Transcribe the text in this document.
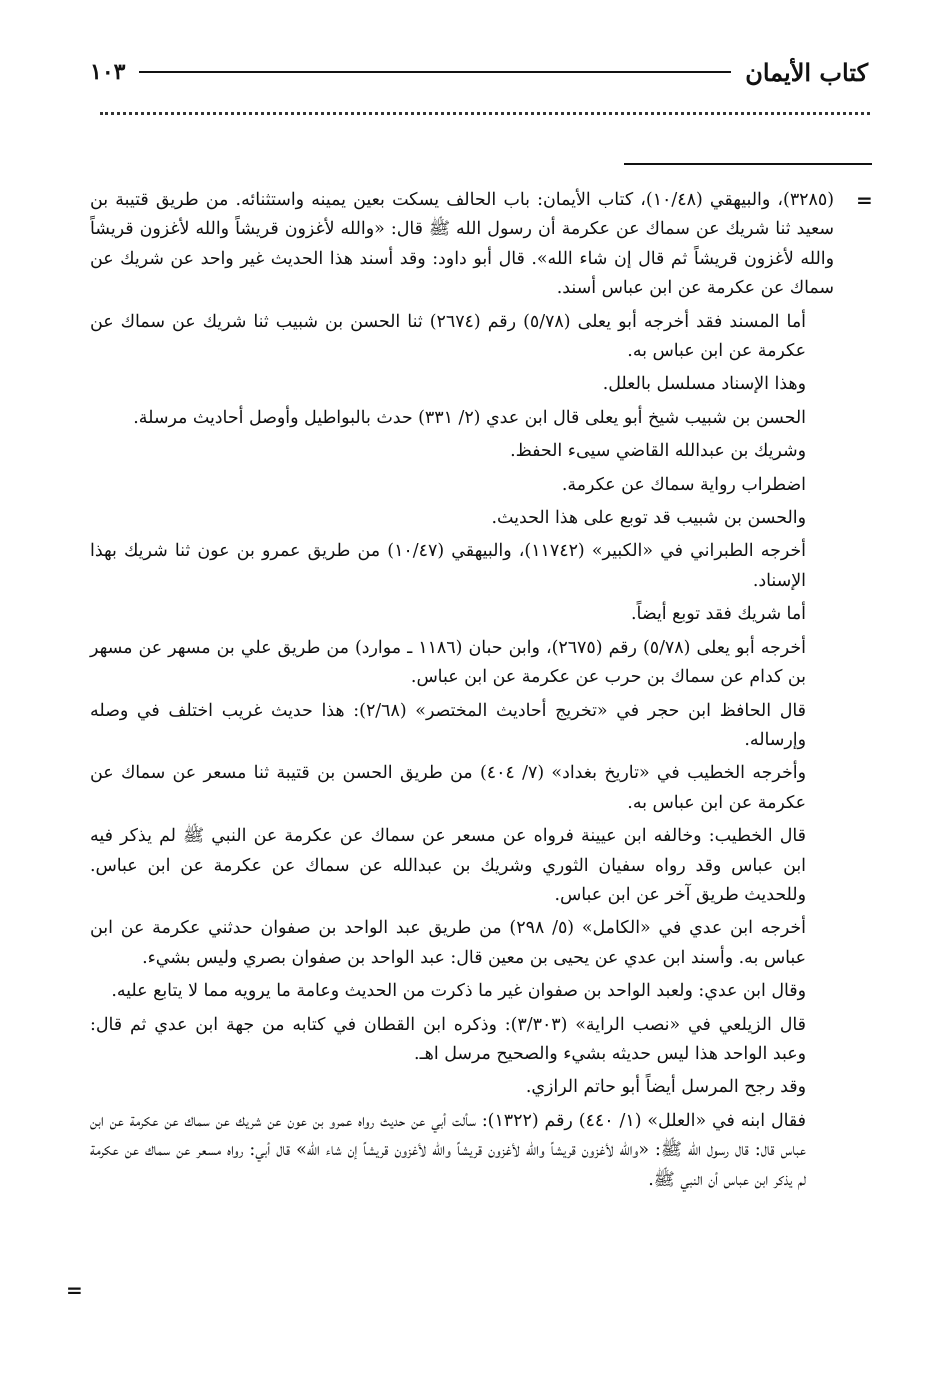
كتاب الأيمان
١٠٣
=

(٣٢٨٥)، والبيهقي (١٠/٤٨)، كتاب الأيمان: باب الحالف يسكت بعين يمينه واستثنائه. من طريق قتيبة بن سعيد ثنا شريك عن سماك عن عكرمة أن رسول الله ﷺ قال: «والله لأغزون قريشاً والله لأغزون قريشاً والله لأغزون قريشاً ثم قال إن شاء الله». قال أبو داود: وقد أسند هذا الحديث غير واحد عن شريك عن سماك عن عكرمة عن ابن عباس أسند.

أما المسند فقد أخرجه أبو يعلى (٥/٧٨) رقم (٢٦٧٤) ثنا الحسن بن شبيب ثنا شريك عن سماك عن عكرمة عن ابن عباس به.

وهذا الإسناد مسلسل بالعلل.

الحسن بن شبيب شيخ أبو يعلى قال ابن عدي (٢/ ٣٣١) حدث بالبواطيل وأوصل أحاديث مرسلة.

وشريك بن عبدالله القاضي سيىء الحفظ.

اضطراب رواية سماك عن عكرمة.

والحسن بن شبيب قد توبع على هذا الحديث.

أخرجه الطبراني في «الكبير» (١١٧٤٢)، والبيهقي (١٠/٤٧) من طريق عمرو بن عون ثنا شريك بهذا الإسناد.

أما شريك فقد توبع أيضاً.

أخرجه أبو يعلى (٥/٧٨) رقم (٢٦٧٥)، وابن حبان (١١٨٦ ـ موارد) من طريق علي بن مسهر عن مسهر بن كدام عن سماك بن حرب عن عكرمة عن ابن عباس.

قال الحافظ ابن حجر في «تخريج أحاديث المختصر» (٢/٦٨): هذا حديث غريب اختلف في وصله وإرساله.

وأخرجه الخطيب في «تاريخ بغداد» (٧/ ٤٠٤) من طريق الحسن بن قتيبة ثنا مسعر عن سماك عن عكرمة عن ابن عباس به.

قال الخطيب: وخالفه ابن عيينة فرواه عن مسعر عن سماك عن عكرمة عن النبي ﷺ لم يذكر فيه ابن عباس وقد رواه سفيان الثوري وشريك بن عبدالله عن سماك عن عكرمة عن ابن عباس. وللحديث طريق آخر عن ابن عباس.

أخرجه ابن عدي في «الكامل» (٥/ ٢٩٨) من طريق عبد الواحد بن صفوان حدثني عكرمة عن ابن عباس به. وأسند ابن عدي عن يحيى بن معين قال: عبد الواحد بن صفوان بصري وليس بشيء.

وقال ابن عدي: ولعبد الواحد بن صفوان غير ما ذكرت من الحديث وعامة ما يرويه مما لا يتابع عليه.

قال الزيلعي في «نصب الراية» (٣/٣٠٣): وذكره ابن القطان في كتابه من جهة ابن عدي ثم قال: وعبد الواحد هذا ليس حديثه بشيء والصحيح مرسل اهـ.

وقد رجح المرسل أيضاً أبو حاتم الرازي.

فقال ابنه في «العلل» (١/ ٤٤٠) رقم (١٣٢٢): سألت أبي عن حديث رواه عمرو بن عون عن شريك عن سماك عن عكرمة عن ابن عباس قال: قال رسول الله ﷺ: «والله لأغزون قريشاً والله لأغزون قريشاً والله لأغزون قريشاً إن شاء الله» قال أبي: رواه مسعر عن سماك عن عكرمة لم يذكر ابن عباس أن النبي ﷺ.

=
